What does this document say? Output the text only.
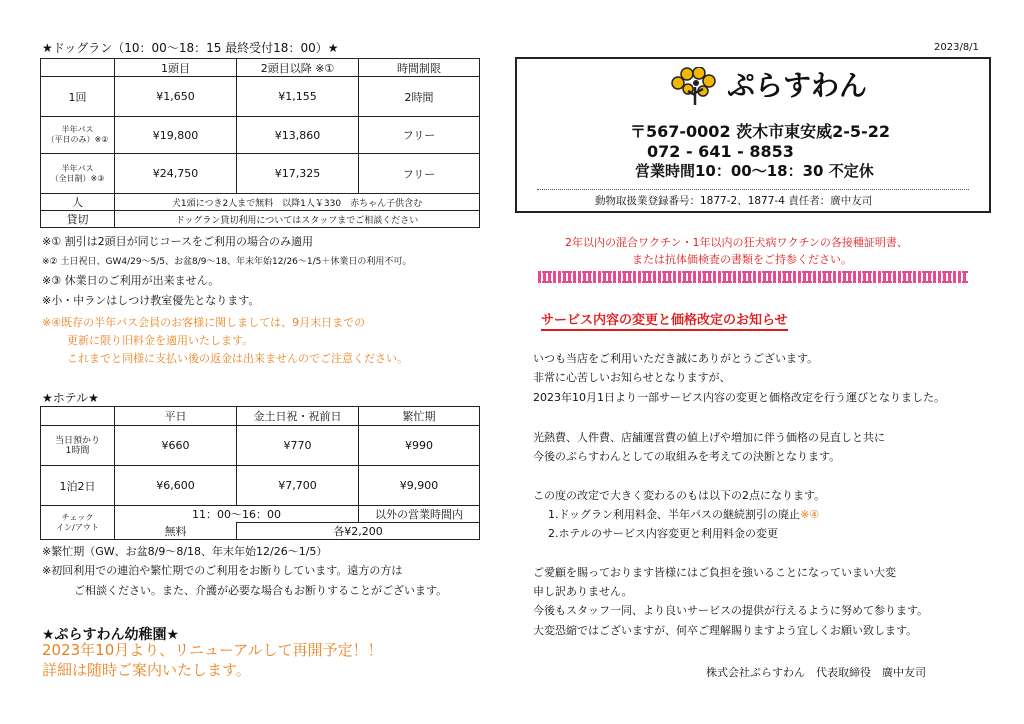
★ドッグラン（10：00～18：15 最終受付18：00）★
	1頭目	2頭目以降 ※①	時間制限
1回	¥1,650	¥1,155	2時間
半年パス
（平日のみ）※②	¥19,800	¥13,860	フリー
半年パス
（全日制）※③	¥24,750	¥17,325	フリー
人	犬1頭につき2人まで無料　以降1人￥330　赤ちゃん子供含む		
貸切	ドッグラン貸切利用についてはスタッフまでご相談ください		
※① 割引は2頭目が同じコースをご利用の場合のみ適用
※② 土日祝日、GW4/29～5/5、お盆8/9～18、年末年始12/26～1/5＋休業日の利用不可。
※③ 休業日のご利用が出来ません。
※小・中ランはしつけ教室優先となります。
※④既存の半年パス会員のお客様に関しましては、9月末日までの
更新に限り旧料金を適用いたします。
これまでと同様に支払い後の返金は出来ませんのでご注意ください。
★ホテル★
	平日	金土日祝・祝前日	繁忙期
当日預かり
1時間	¥660	¥770	¥990
1泊2日	¥6,600	¥7,700	¥9,900
チェック
イン/アウト	11：00～16：00		以外の営業時間内
	無料	各¥2,200	
※繁忙期（GW、お盆8/9～8/18、年末年始12/26～1/5）
※初回利用での連泊や繁忙期でのご利用をお断りしています。遠方の方は
ご相談ください。また、介護が必要な場合もお断りすることがございます。
★ぷらすわん幼稚園★
2023年10月より、リニューアルして再開予定！！
詳細は随時ご案内いたします。
2023/8/1
ぷらすわん
〒567-0002 茨木市東安威2-5-22
072 - 641 - 8853
営業時間10：00～18：30 不定休
動物取扱業登録番号：1877-2、1877-4 責任者：廣中友司
2年以内の混合ワクチン・1年以内の狂犬病ワクチンの各接種証明書、
または抗体価検査の書類をご持参ください。
サービス内容の変更と価格改定のお知らせ
いつも当店をご利用いただき誠にありがとうございます。
非常に心苦しいお知らせとなりますが、
2023年10月1日より一部サービス内容の変更と価格改定を行う運びとなりました。
光熱費、人件費、店舗運営費の値上げや増加に伴う価格の見直しと共に
今後のぷらすわんとしての取組みを考えての決断となります。
この度の改定で大きく変わるのもは以下の2点になります。
1.ドッグラン利用料金、半年パスの継続割引の廃止※④
2.ホテルのサービス内容変更と利用料金の変更
ご愛顧を賜っております皆様にはご負担を強いることになっていまい大変
申し訳ありません。
今後もスタッフ一同、より良いサービスの提供が行えるように努めて参ります。
大変恐縮ではございますが、何卒ご理解賜りますよう宜しくお願い致します。
株式会社ぷらすわん　代表取締役　廣中友司
